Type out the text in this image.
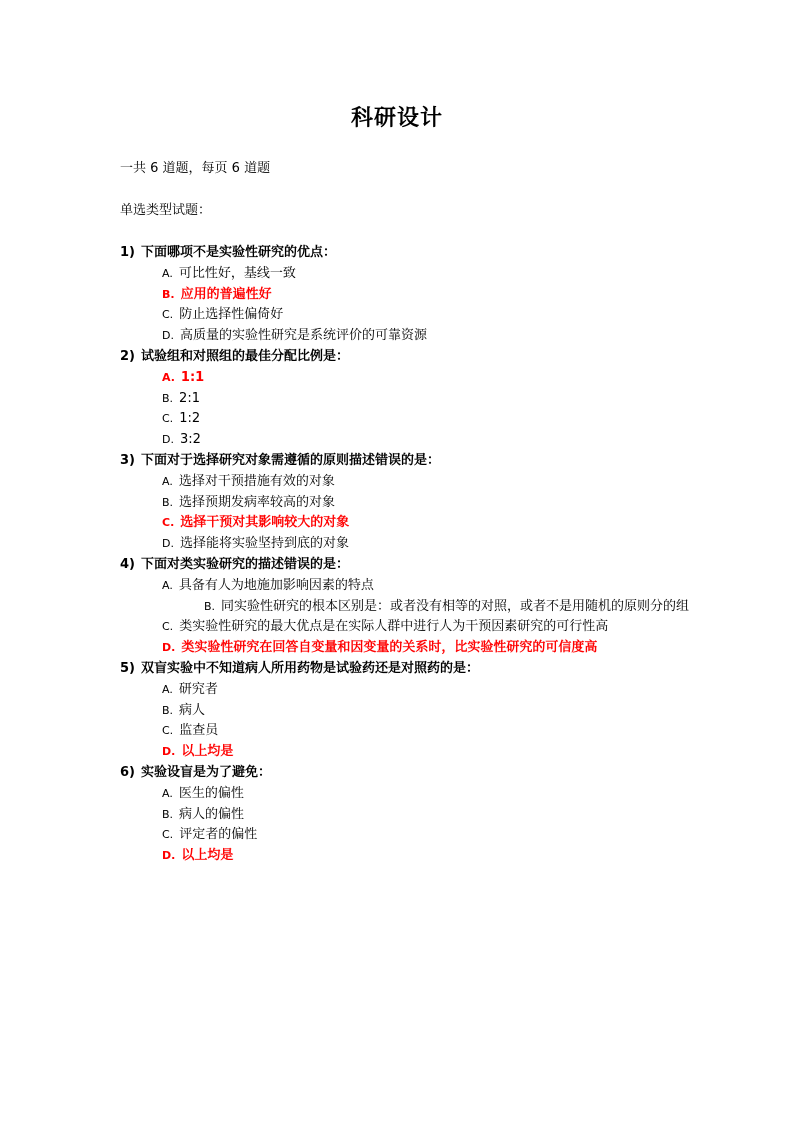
科研设计
一共 6 道题，每页 6 道题
单选类型试题：
1) 下面哪项不是实验性研究的优点：
A. 可比性好，基线一致
B. 应用的普遍性好
C. 防止选择性偏倚好
D. 高质量的实验性研究是系统评价的可靠资源
2) 试验组和对照组的最佳分配比例是：
A. 1:1
B. 2:1
C. 1:2
D. 3:2
3) 下面对于选择研究对象需遵循的原则描述错误的是：
A. 选择对干预措施有效的对象
B. 选择预期发病率较高的对象
C. 选择干预对其影响较大的对象
D. 选择能将实验坚持到底的对象
4) 下面对类实验研究的描述错误的是：
A. 具备有人为地施加影响因素的特点
B. 同实验性研究的根本区别是：或者没有相等的对照，或者不是用随机的原则分的组
C. 类实验性研究的最大优点是在实际人群中进行人为干预因素研究的可行性高
D. 类实验性研究在回答自变量和因变量的关系时，比实验性研究的可信度高
5) 双盲实验中不知道病人所用药物是试验药还是对照药的是：
A. 研究者
B. 病人
C. 监查员
D. 以上均是
6) 实验设盲是为了避免：
A. 医生的偏性
B. 病人的偏性
C. 评定者的偏性
D. 以上均是
